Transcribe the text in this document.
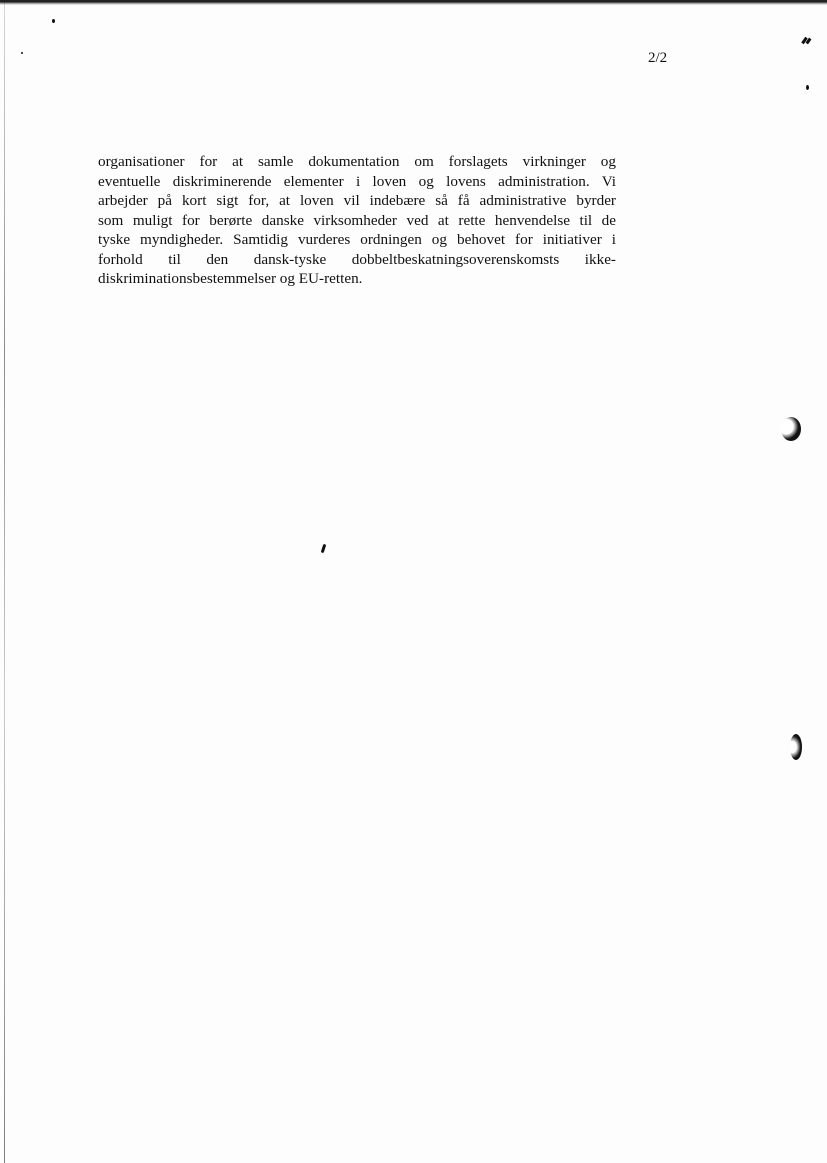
2/2

organisationer for at samle dokumentation om forslagets virkninger og
eventuelle diskriminerende elementer i loven og lovens administration. Vi
arbejder på kort sigt for, at loven vil indebære så få administrative byrder
som muligt for berørte danske virksomheder ved at rette henvendelse til de
tyske myndigheder. Samtidig vurderes ordningen og behovet for initiativer i
forhold til den dansk-tyske dobbeltbeskatningsoverenskomsts ikke-
diskriminationsbestemmelser og EU-retten.
